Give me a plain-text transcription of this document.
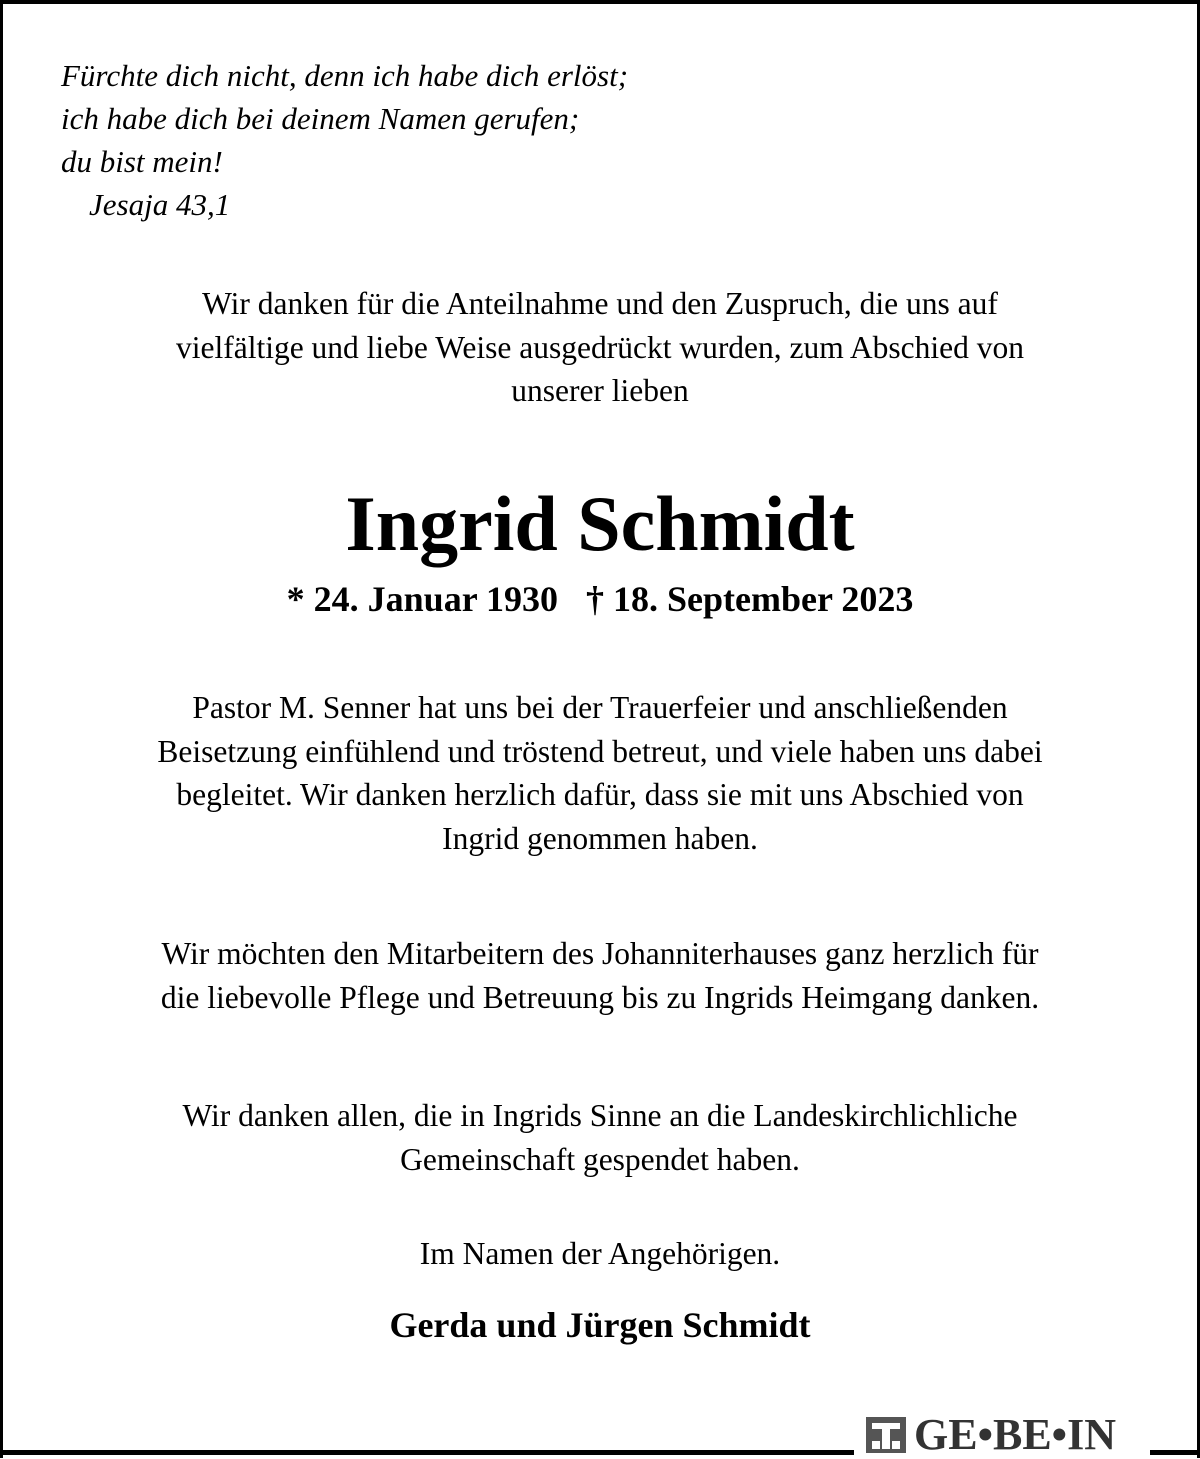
Fürchte dich nicht, denn ich habe dich erlöst;
ich habe dich bei deinem Namen gerufen;
du bist mein!
Jesaja 43,1
Wir danken für die Anteilnahme und den Zuspruch, die uns auf
vielfältige und liebe Weise ausgedrückt wurden, zum Abschied von
unserer lieben
Ingrid Schmidt
* 24. Januar 1930 † 18. September 2023
Pastor M. Senner hat uns bei der Trauerfeier und anschließenden
Beisetzung einfühlend und tröstend betreut, und viele haben uns dabei
begleitet. Wir danken herzlich dafür, dass sie mit uns Abschied von
Ingrid genommen haben.
Wir möchten den Mitarbeitern des Johanniterhauses ganz herzlich für
die liebevolle Pflege und Betreuung bis zu Ingrids Heimgang danken.
Wir danken allen, die in Ingrids Sinne an die Landeskirchlichliche
Gemeinschaft gespendet haben.
Im Namen der Angehörigen.
Gerda und Jürgen Schmidt
GE•BE•IN
